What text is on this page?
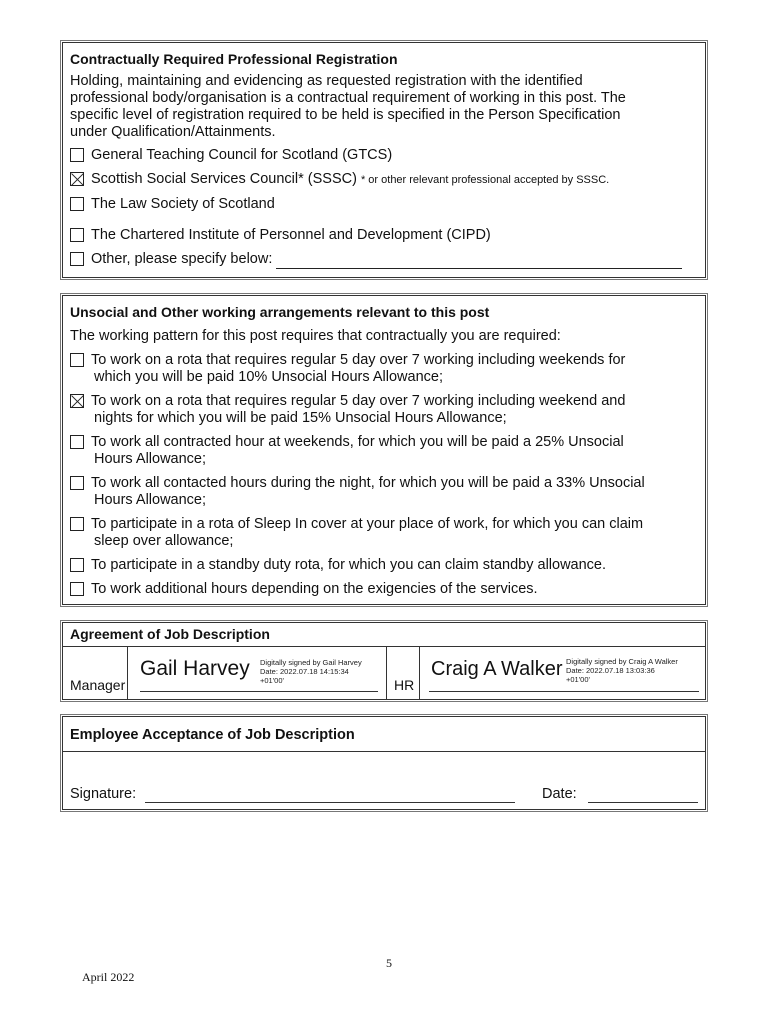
Contractually Required Professional Registration
Holding, maintaining and evidencing as requested registration with the identified
professional body/organisation is a contractual requirement of working in this post. The
specific level of registration required to be held is specified in the Person Specification
under Qualification/Attainments.
General Teaching Council for Scotland (GTCS)
Scottish Social Services Council* (SSSC) * or other relevant professional accepted by SSSC.
The Law Society of Scotland
The Chartered Institute of Personnel and Development (CIPD)
Other, please specify below:
Unsocial and Other working arrangements relevant to this post
The working pattern for this post requires that contractually you are required:
To work on a rota that requires regular 5 day over 7 working including weekends for
which you will be paid 10% Unsocial Hours Allowance;
To work on a rota that requires regular 5 day over 7 working including weekend and
nights for which you will be paid 15% Unsocial Hours Allowance;
To work all contracted hour at weekends, for which you will be paid a 25% Unsocial
Hours Allowance;
To work all contacted hours during the night, for which you will be paid a 33% Unsocial
Hours Allowance;
To participate in a rota of Sleep In cover at your place of work, for which you can claim
sleep over allowance;
To participate in a standby duty rota, for which you can claim standby allowance.
To work additional hours depending on the exigencies of the services.
Agreement of Job Description
Manager
Gail Harvey Digitally signed by Gail Harvey
Date: 2022.07.18 14:15:34
+01'00'	HR
Craig A Walker Digitally signed by Craig A Walker
Date: 2022.07.18 13:03:36
+01'00'
Employee Acceptance of Job Description
Signature:	Date:
5
April 2022
